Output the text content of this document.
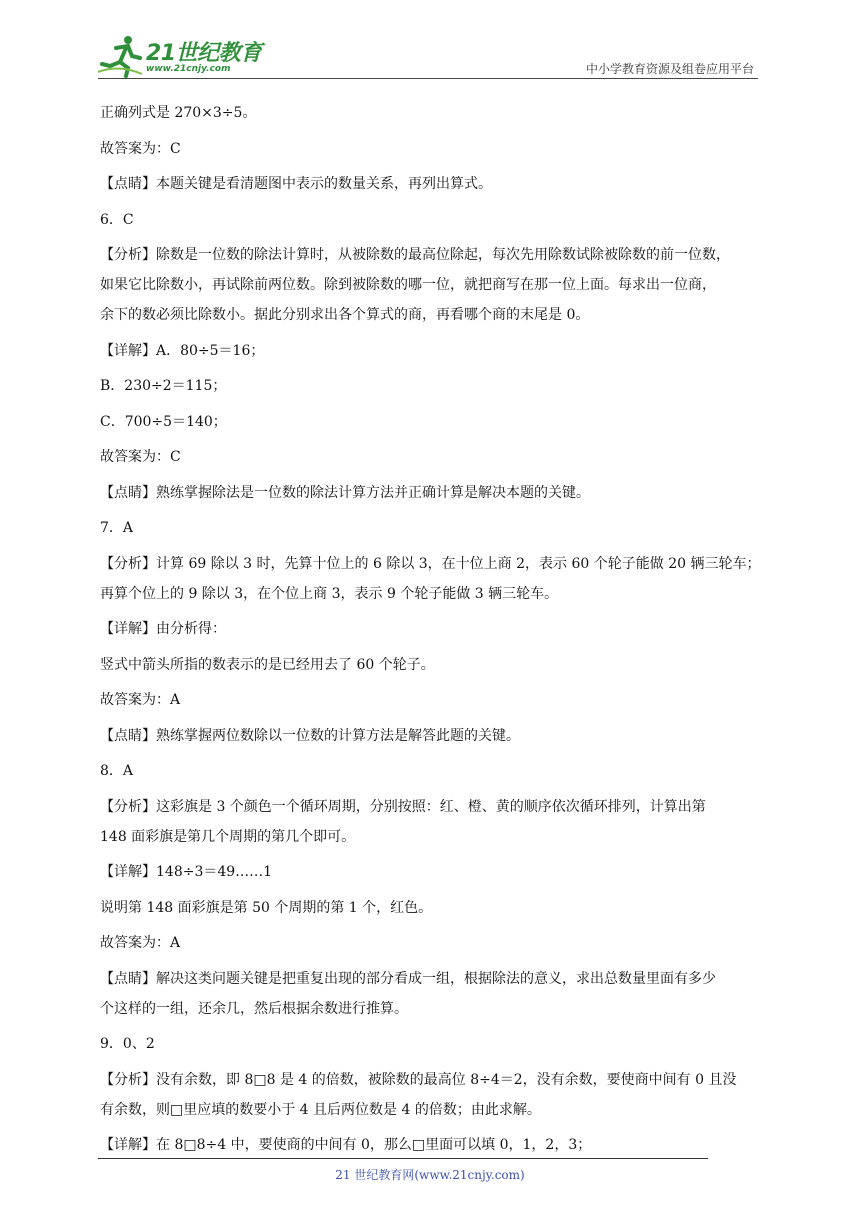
21世纪教育
www.21cnjy.com	中小学教育资源及组卷应用平台

正确列式是 270×3÷5。

故答案为：C

【点睛】本题关键是看清题图中表示的数量关系，再列出算式。

6．C

【分析】除数是一位数的除法计算时，从被除数的最高位除起，每次先用除数试除被除数的前一位数，

如果它比除数小，再试除前两位数。除到被除数的哪一位，就把商写在那一位上面。每求出一位商，

余下的数必须比除数小。据此分别求出各个算式的商，再看哪个商的末尾是 0。

【详解】A．80÷5＝16；

B．230÷2＝115；

C．700÷5＝140；

故答案为：C

【点睛】熟练掌握除法是一位数的除法计算方法并正确计算是解决本题的关键。

7．A

【分析】计算 69 除以 3 时，先算十位上的 6 除以 3，在十位上商 2，表示 60 个轮子能做 20 辆三轮车；

再算个位上的 9 除以 3，在个位上商 3，表示 9 个轮子能做 3 辆三轮车。

【详解】由分析得：

竖式中箭头所指的数表示的是已经用去了 60 个轮子。

故答案为：A

【点睛】熟练掌握两位数除以一位数的计算方法是解答此题的关键。

8．A

【分析】这彩旗是 3 个颜色一个循环周期，分别按照：红、橙、黄的顺序依次循环排列，计算出第

148 面彩旗是第几个周期的第几个即可。

【详解】148÷3＝49……1

说明第 148 面彩旗是第 50 个周期的第 1 个，红色。

故答案为：A

【点睛】解决这类问题关键是把重复出现的部分看成一组，根据除法的意义，求出总数量里面有多少

个这样的一组，还余几，然后根据余数进行推算。

9．0、2

【分析】没有余数，即 8□8 是 4 的倍数，被除数的最高位 8÷4＝2，没有余数，要使商中间有 0 且没

有余数，则□里应填的数要小于 4 且后两位数是 4 的倍数；由此求解。

【详解】在 8□8÷4 中，要使商的中间有 0，那么□里面可以填 0，1，2，3；

21 世纪教育网(www.21cnjy.com)
